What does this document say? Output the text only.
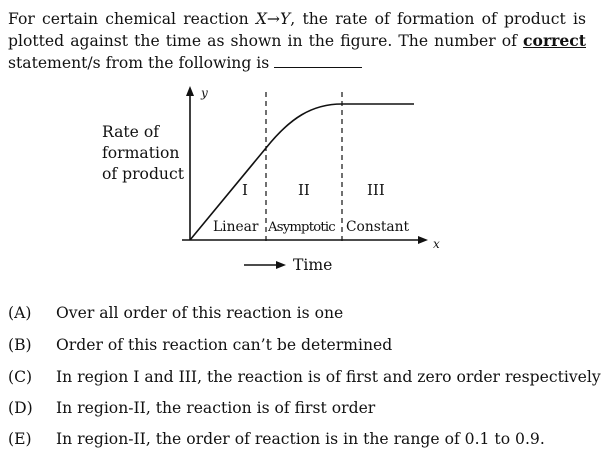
For certain chemical reaction X→Y, the rate of formation of product is plotted against the time as shown in the figure. The number of correct statement/s from the following is
y
x
Rate of
formation
of product
I	II	III
Linear Asymptotic Constant
Time
(A) Over all order of this reaction is one
(B) Order of this reaction can’t be determined
(C) In region I and III, the reaction is of first and zero order respectively
(D) In region-II, the reaction is of first order
(E) In region-II, the order of reaction is in the range of 0.1 to 0.9.
